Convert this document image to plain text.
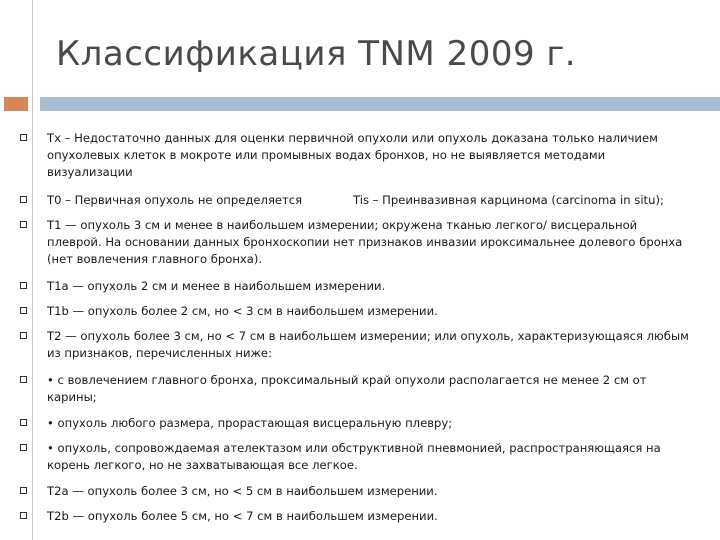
Классификация TNM 2009 г.
Tx – Недостаточно данных для оценки первичной опухоли или опухоль доказана только наличием опухолевых клеток в мокроте или промывных водах бронхов, но не выявляется методами визуализации
T0 – Первичная опухоль не определяется	Tis – Преинвазивная карцинома (carcinoma in situ);
T1 — опухоль 3 см и менее в наибольшем измерении; окружена тканью легкого/ висцеральной плеврой. На основании данных бронхоскопии нет признаков инвазии ироксимальнее долевого бронха (нет вовлечения главного бронха).
T1a — опухоль 2 см и менее в наибольшем измерении.
T1b — опухоль более 2 см, но < 3 см в наибольшем измерении.
T2 — опухоль более 3 см, но < 7 см в наибольшем измерении; или опухоль, характеризующаяся любым из признаков, перечисленных ниже:
• с вовлечением главного бронха, проксимальный край опухоли располагается не менее 2 см от карины;
• опухоль любого размера, прорастающая висцеральную плевру;
• опухоль, сопровождаемая ателектазом или обструктивной пневмонией, распространяющаяся на корень легкого, но не захватывающая все легкое.
T2a — опухоль более 3 см, но < 5 см в наибольшем измерении.
T2b — опухоль более 5 см, но < 7 см в наибольшем измерении.
